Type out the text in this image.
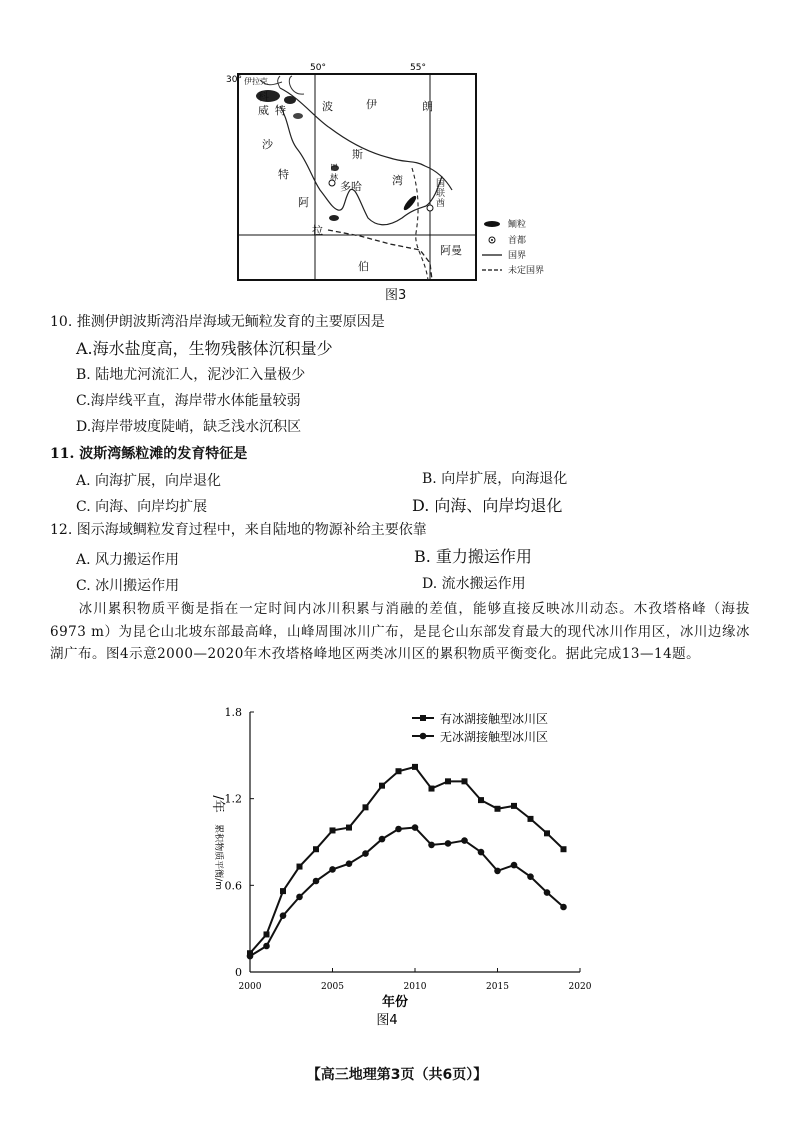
50°	55°
30° 伊拉克
科
威 特	波	伊	朗
沙
特
阿
拉
伯
斯
湾
巴
林
多哈	国
联
酋
阿曼
鲕粒
首都
国界
未定国界
图3
10. 推测伊朗波斯湾沿岸海域无鲕粒发育的主要原因是
A.海水盐度高，生物残骸体沉积量少
B. 陆地尤河流汇人，泥沙汇入量极少
C.海岸线平直，海岸带水体能量较弱
D.海岸带坡度陡峭，缺乏浅水沉积区
11. 波斯湾鲧粒滩的发育特征是
A. 向海扩展，向岸退化	B. 向岸扩展，向海退化
C. 向海、向岸均扩展	D. 向海、向岸均退化
12. 图示海域鲷粒发育过程中，来自陆地的物源补给主要依靠
A. 风力搬运作用	B. 重力搬运作用
C. 冰川搬运作用	D. 流水搬运作用
冰川累积物质平衡是指在一定时间内冰川积累与消融的差值，能够直接反映冰川动态。木孜塔格峰（海拔6973 m）为昆仑山北坡东部最高峰，山峰周围冰川广布，是昆仑山东部发育最大的现代冰川作用区，冰川边缘冰湖广布。图4示意2000—2020年木孜塔格峰地区两类冰川区的累积物质平衡变化。据此完成13—14题。
0
0.6
1.2
1.8
2000	2005	2010	2015	2020
年份
累积物质平衡/m
/年
图4
有冰湖接触型冰川区
无冰湖接触型冰川区
【高三地理第3页（共6页）】
